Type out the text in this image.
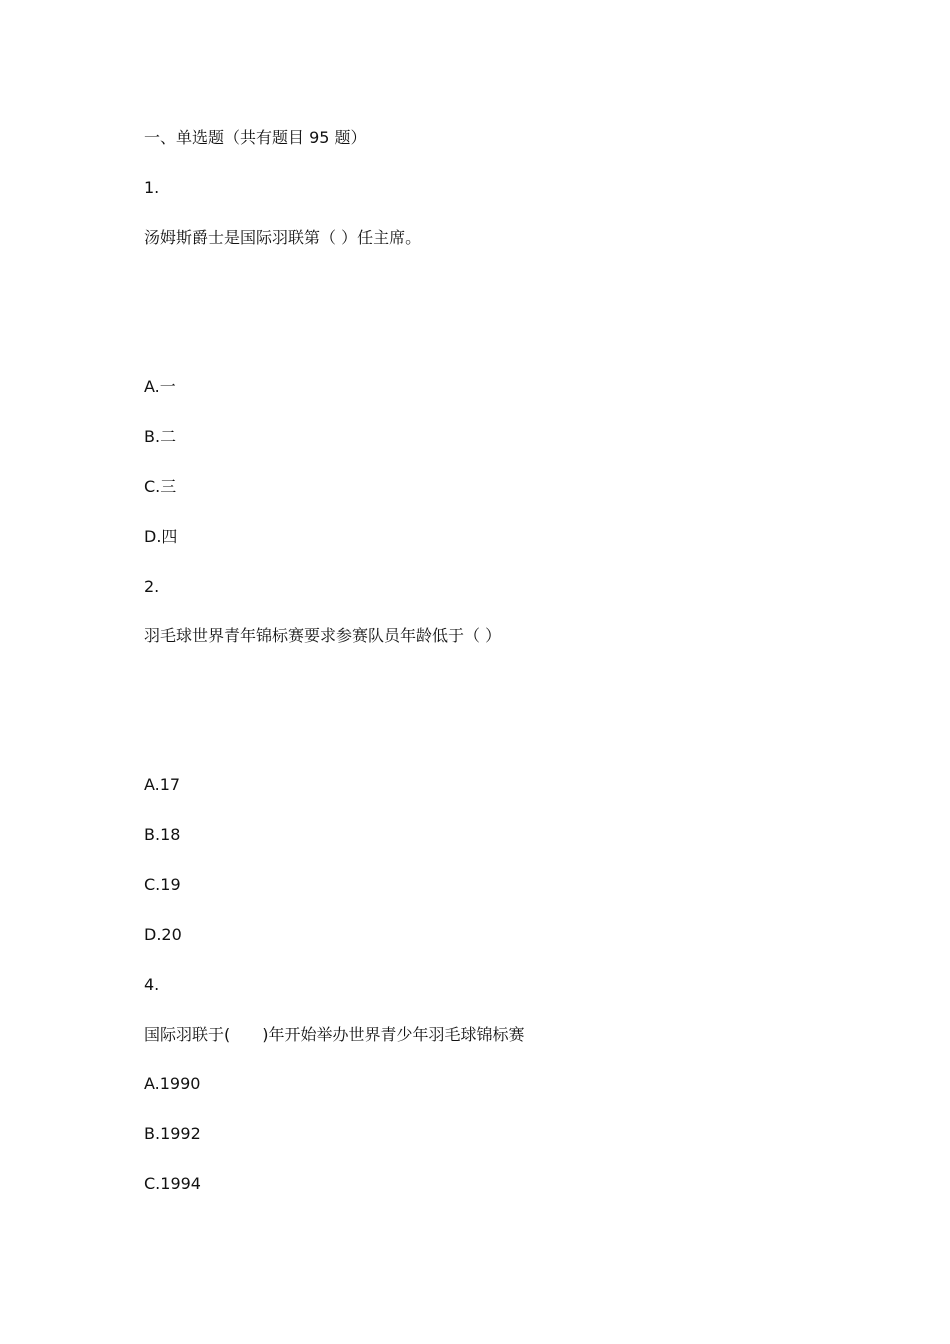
一、单选题（共有题目 95 题）
1.
汤姆斯爵士是国际羽联第（ ）任主席。
A.一
B.二
C.三
D.四
2.
羽毛球世界青年锦标赛要求参赛队员年龄低于（ ）
A.17
B.18
C.19
D.20
4.
国际羽联于(　　)年开始举办世界青少年羽毛球锦标赛
A.1990
B.1992
C.1994
